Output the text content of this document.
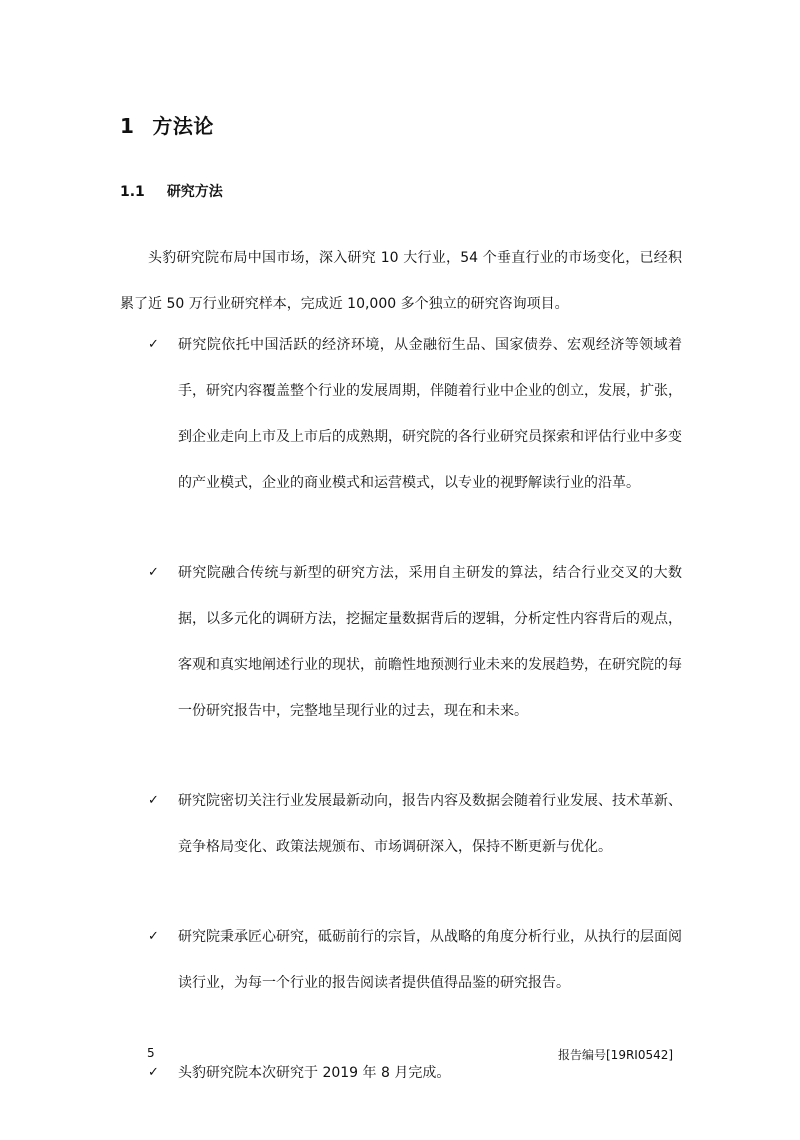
1 方法论
1.1 研究方法

头豹研究院布局中国市场，深入研究 10 大行业，54 个垂直行业的市场变化，已经积累了近 50 万行业研究样本，完成近 10,000 多个独立的研究咨询项目。

✓ 研究院依托中国活跃的经济环境，从金融衍生品、国家债券、宏观经济等领域着手，研究内容覆盖整个行业的发展周期，伴随着行业中企业的创立，发展，扩张，到企业走向上市及上市后的成熟期，研究院的各行业研究员探索和评估行业中多变的产业模式，企业的商业模式和运营模式，以专业的视野解读行业的沿革。
✓ 研究院融合传统与新型的研究方法，采用自主研发的算法，结合行业交叉的大数据，以多元化的调研方法，挖掘定量数据背后的逻辑，分析定性内容背后的观点，客观和真实地阐述行业的现状，前瞻性地预测行业未来的发展趋势，在研究院的每一份研究报告中，完整地呈现行业的过去，现在和未来。
✓ 研究院密切关注行业发展最新动向，报告内容及数据会随着行业发展、技术革新、竞争格局变化、政策法规颁布、市场调研深入，保持不断更新与优化。
✓ 研究院秉承匠心研究，砥砺前行的宗旨，从战略的角度分析行业，从执行的层面阅读行业，为每一个行业的报告阅读者提供值得品鉴的研究报告。
✓ 头豹研究院本次研究于 2019 年 8 月完成。
5	报告编号[19RI0542]
